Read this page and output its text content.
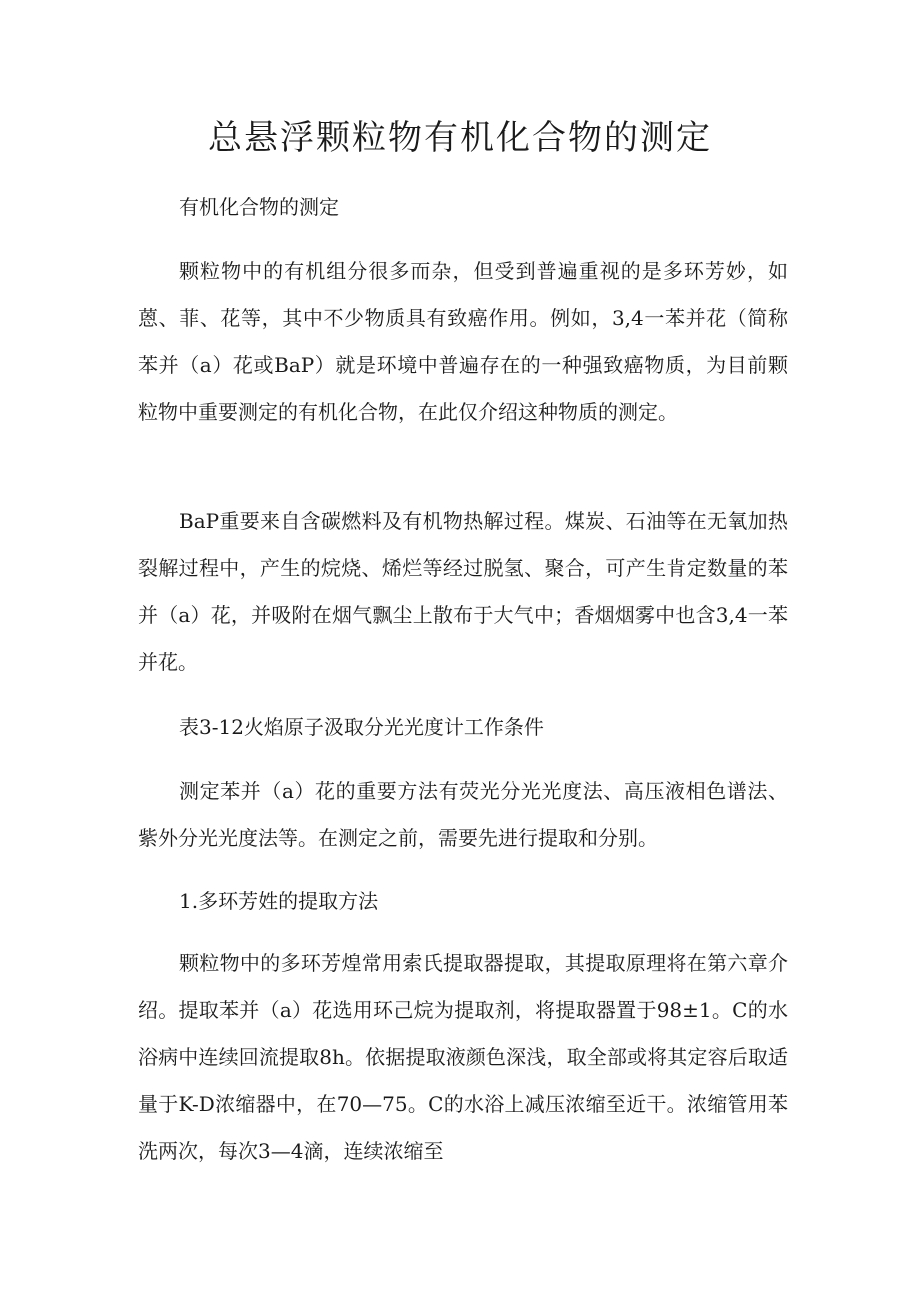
总悬浮颗粒物有机化合物的测定

有机化合物的测定

颗粒物中的有机组分很多而杂，但受到普遍重视的是多环芳妙，如蒽、菲、花等，其中不少物质具有致癌作用。例如，3,4一苯并花（简称苯并（a）花或BaP）就是环境中普遍存在的一种强致癌物质，为目前颗粒物中重要测定的有机化合物，在此仅介绍这种物质的测定。

BaP重要来自含碳燃料及有机物热解过程。煤炭、石油等在无氧加热裂解过程中，产生的烷烧、烯烂等经过脱氢、聚合，可产生肯定数量的苯并（a）花，并吸附在烟气飘尘上散布于大气中；香烟烟雾中也含3,4一苯并花。

表3-12火焰原子汲取分光光度计工作条件

测定苯并（a）花的重要方法有荧光分光光度法、高压液相色谱法、紫外分光光度法等。在测定之前，需要先进行提取和分别。

1.多环芳姓的提取方法

颗粒物中的多环芳煌常用索氏提取器提取，其提取原理将在第六章介绍。提取苯并（a）花选用环己烷为提取剂，将提取器置于98±1。C的水浴病中连续回流提取8h。依据提取液颜色深浅，取全部或将其定容后取适量于K-D浓缩器中，在70—75。C的水浴上减压浓缩至近干。浓缩管用苯洗两次，每次3—4滴，连续浓缩至
